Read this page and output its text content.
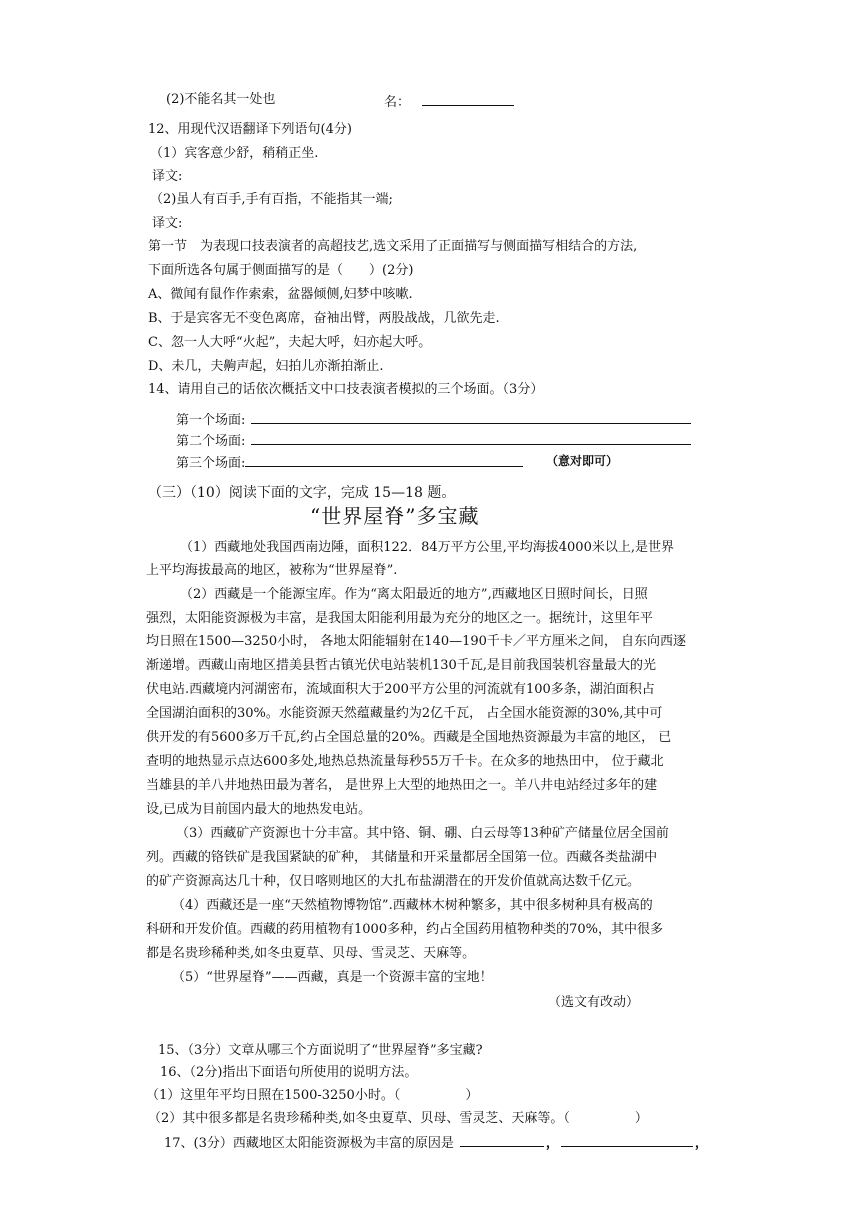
(2)不能名其一处也	名：
12、用现代汉语翻译下列语句(4分)
（1）宾客意少舒，稍稍正坐.
译文:
（2)虽人有百手,手有百指，不能指其一端;
译文:
第一节　为表现口技表演者的高超技艺,选文采用了正面描写与侧面描写相结合的方法,
下面所选各句属于侧面描写的是（　　）(2分)
A、微闻有鼠作作索索，盆器倾侧,妇梦中咳嗽.
B、于是宾客无不变色离席，奋袖出臂，两股战战，几欲先走.
C、忽一人大呼“火起”，夫起大呼，妇亦起大呼。
D、未几，夫齁声起，妇拍儿亦渐拍渐止.
14、请用自己的话依次概括文中口技表演者模拟的三个场面。（3分）
第一个场面:
第二个场面:
第三个场面:	（意对即可）
（三）（10）阅读下面的文字，完成 15—18 题。
“世界屋脊”多宝藏
（1）西藏地处我国西南边陲，面积122．84万平方公里,平均海拔4000米以上,是世界
上平均海拔最高的地区，被称为“世界屋脊”.
（2）西藏是一个能源宝库。作为“离太阳最近的地方”,西藏地区日照时间长，日照
强烈，太阳能资源极为丰富，是我国太阳能利用最为充分的地区之一。据统计，这里年平
均日照在1500—3250小时， 各地太阳能辐射在140—190千卡／平方厘米之间， 自东向西逐
渐递增。西藏山南地区措美县哲古镇光伏电站装机130千瓦,是目前我国装机容量最大的光
伏电站.西藏境内河湖密布，流域面积大于200平方公里的河流就有100多条，湖泊面积占
全国湖泊面积的30%。水能资源天然蕴藏量约为2亿千瓦， 占全国水能资源的30%,其中可
供开发的有5600多万千瓦,约占全国总量的20%。西藏是全国地热资源最为丰富的地区， 已
查明的地热显示点达600多处,地热总热流量每秒55万千卡。在众多的地热田中， 位于藏北
当雄县的羊八井地热田最为著名， 是世界上大型的地热田之一。羊八井电站经过多年的建
设,已成为目前国内最大的地热发电站。
（3）西藏矿产资源也十分丰富。其中铬、铜、硼、白云母等13种矿产储量位居全国前
列。西藏的铬铁矿是我国紧缺的矿种， 其储量和开采量都居全国第一位。西藏各类盐湖中
的矿产资源高达几十种，仅日喀则地区的大扎布盐湖潜在的开发价值就高达数千亿元。
（4）西藏还是一座“天然植物博物馆”.西藏林木树种繁多，其中很多树种具有极高的
科研和开发价值。西藏的药用植物有1000多种，约占全国药用植物种类的70%，其中很多
都是名贵珍稀种类,如冬虫夏草、贝母、雪灵芝、天麻等。
（5）“世界屋脊”——西藏，真是一个资源丰富的宝地！
（选文有改动）
15、（3分）文章从哪三个方面说明了“世界屋脊”多宝藏?
16、（2分)指出下面语句所使用的说明方法。
（1）这里年平均日照在1500-3250小时。（　　　　　）
（2）其中很多都是名贵珍稀种类,如冬虫夏草、贝母、雪灵芝、天麻等。（　　　　　）
17、(3分）西藏地区太阳能资源极为丰富的原因是	，	，
